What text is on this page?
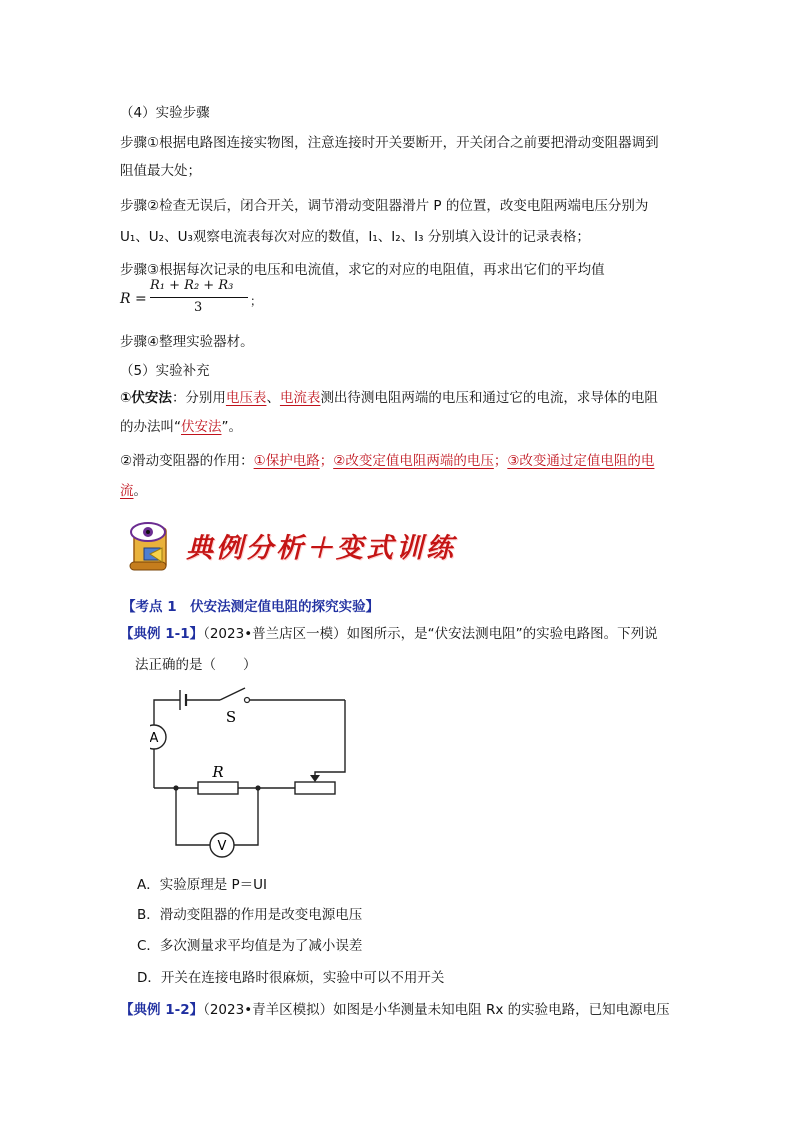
（4）实验步骤
步骤①根据电路图连接实物图，注意连接时开关要断开，开关闭合之前要把滑动变阻器调到
阻值最大处；
步骤②检查无误后，闭合开关，调节滑动变阻器滑片 P 的位置，改变电阻两端电压分别为
U₁、U₂、U₃观察电流表每次对应的数值，I₁、I₂、I₃ 分别填入设计的记录表格；
步骤③根据每次记录的电压和电流值，求它的对应的电阻值，再求出它们的平均值
R =
R₁ + R₂ + R₃
3	；
步骤④整理实验器材。
（5）实验补充
①伏安法：分别用电压表、电流表测出待测电阻两端的电压和通过它的电流，求导体的电阻
的办法叫“伏安法”。
②滑动变阻器的作用：①保护电路；②改变定值电阻两端的电压；③改变通过定值电阻的电
流。
典例分析＋变式训练
【考点 1　伏安法测定值电阻的探究实验】
【典例 1-1】（2023•普兰店区一模）如图所示，是“伏安法测电阻”的实验电路图。下列说
法正确的是（　　）
A
V
S
R
A．实验原理是 P＝UI
B．滑动变阻器的作用是改变电源电压
C．多次测量求平均值是为了减小误差
D．开关在连接电路时很麻烦，实验中可以不用开关
【典例 1-2】（2023•青羊区模拟）如图是小华测量未知电阻 Rx 的实验电路，已知电源电压
